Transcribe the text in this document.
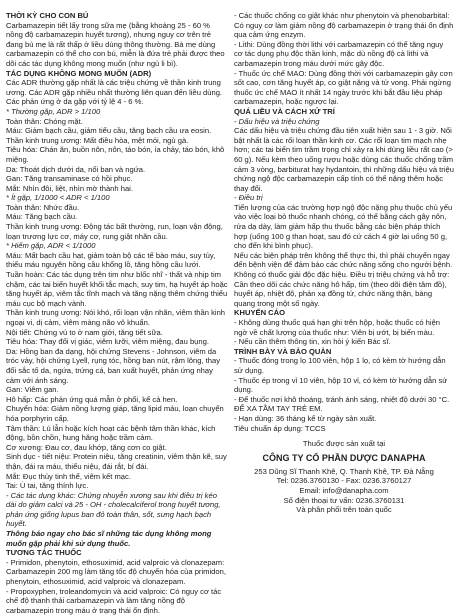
THỜI KỲ CHO CON BÚ

Carbamazepin tiết lấy trong sữa mẹ (bằng khoảng 25 - 60 % nồng độ carbamazepin huyết tương), nhưng nguy cơ trên trẻ đang bú mẹ là rất thấp ở liều dùng thông thường. Bà mẹ dùng carbamazepin có thể cho con bú, miễn là đứa trẻ phải được theo dõi các tác dụng không mong muốn (như ngủ li bì).

TÁC DỤNG KHÔNG MONG MUỐN (ADR)

Các ADR thường gặp nhất là các triệu chứng về thần kinh trung ương. Các ADR gặp nhiều nhất thường liên quan đến liều dùng.

Các phản ứng ở da gặp với tỷ lệ 4 - 6 %.

* Thường gặp, ADR > 1/100

Toàn thân: Chóng mặt.

Máu: Giảm bạch cầu, giảm tiểu cầu, tăng bạch cầu ưa eosin.

Thần kinh trung ương: Mất điều hòa, mệt mỏi, ngủ gà.

Tiêu hóa: Chán ăn, buồn nôn, nôn, táo bón, ỉa chảy, táo bón, khô miệng.

Da: Thoát dịch dưới da, nổi ban và ngứa.

Gan: Tăng transaminase có hồi phục.

Mắt: Nhìn đôi, liệt, nhìn mờ thành hai.

* Ít gặp, 1/1000 < ADR < 1/100

Toàn thân: Nhức đầu.

Máu: Tăng bạch cầu.

Thần kinh trung ương: Động tác bất thường, run, loạn vận động, loạn trương lực cơ, máy cơ, rung giật nhãn cầu.

* Hiếm gặp, ADR < 1/1000

Máu: Mất bạch cầu hạt, giảm toàn bộ các tế bào máu, suy tủy, thiếu máu nguyên hồng cầu khổng lồ, tăng hồng cầu lưới.

Tuần hoàn: Các tác dụng trên tim như blốc nhĩ - thất và nhịp tim chậm, các tai biến huyết khối tắc mạch, suy tim, hạ huyết áp hoặc tăng huyết áp, viêm tắc tĩnh mạch và tăng nặng thêm chứng thiểu máu cục bộ mạch vành.

Thần kinh trung ương: Nói khó, rối loạn vận nhãn, viêm thần kinh ngoại vi, dị cảm, viêm màng não vô khuẩn.

Nội tiết: Chứng vú to ở nam giới, tăng tiết sữa.

Tiêu hóa: Thay đổi vị giác, viêm lưỡi, viêm miệng, đau bụng.

Da: Hồng ban đa dạng, hội chứng Stevens - Johnson, viêm da tróc vảy, hội chứng Lyell, rụng tóc, hồng ban nút, rậm lông, thay đổi sắc tố da, ngứa, trứng cá, ban xuất huyết, phản ứng nhạy cảm với ánh sáng.

Gan: Viêm gan.

Hô hấp: Các phản ứng quá mẫn ở phổi, kể cả hen.

Chuyển hóa: Giảm nồng lượng giáp, tăng lipid máu, loạn chuyển hóa porphyrin cấp.

Tâm thần: Lú lẫn hoặc kích hoạt các bệnh tâm thần khác, kích động, bồn chồn, hung hăng hoặc trầm cảm.

Cơ xương: Đau cơ, đau khớp, tăng cơn co giật.

Sinh dục - tiết niệu: Protein niệu, tăng creatinin, viêm thận kẽ, suy thận, đái ra máu, thiểu niệu, đái rắt, bí đái.

Mắt: Đục thủy tinh thể, viêm kết mạc.

Tai: Ù tai, tăng thính lực.

- Các tác dụng khác: Chứng nhuyễn xương sau khi điều trị kéo dài do giảm calci và 25 - OH - cholecalciferol trong huyết tương, phản ứng giống lupus ban đỏ toàn thân, sốt, sưng hạch bạch huyết.

Thông báo ngay cho bác sĩ những tác dụng không mong muốn gặp phải khi sử dụng thuốc.

TƯƠNG TÁC THUỐC

- Primidon, phenytoin, ethosuximid, acid valproic và clonazepam: Carbamazepin 200 mg làm tăng tốc độ chuyển hóa của primidon, phenytoin, ethosuximid, acid valproic và clonazepam.

- Propoxyphen, troleandomycin và acid valproic: Có nguy cơ tác chế độ thanh thải carbamazepin và làm tăng nồng độ carbamazepin trong máu ở trạng thái ổn định.

- Các thuốc chống co giật khác như phenytoin và phenobarbital: Có nguy cơ làm giảm nồng độ carbamazepin ở trạng thái ổn định qua cảm ứng enzym.

- Lithi: Dùng đồng thời lithi với carbamazepin có thể tăng nguy cơ tác dụng phụ độc thần kinh, mặc dù nồng độ cả lithi và carbamazepin trong máu dưới mức gây độc.

- Thuốc ức chế MAO: Dùng đồng thời với carbamazepin gây cơn sốt cao, cơn tăng huyết áp, co giật nặng và tử vong. Phải ngừng thuốc ức chế MAO ít nhất 14 ngày trước khi bắt đầu liệu pháp carbamazepin, hoặc ngược lại.

QUÁ LIỀU VÀ CÁCH XỬ TRÍ

- Dấu hiệu và triệu chứng

Các dấu hiệu và triệu chứng đầu tiên xuất hiện sau 1 - 3 giờ. Nổi bật nhất là các rối loạn thần kinh cơ. Các rối loạn tim mạch nhẹ hơn; các tai biến tim trầm trọng chỉ xảy ra khi dùng liều rất cao (> 60 g). Nếu kèm theo uống rượu hoặc dùng các thuốc chống trầm cảm 3 vòng, barbiturat hay hydantoin, thì những dấu hiệu và triệu chứng ngộ độc carbamazepin cấp tính có thể nặng thêm hoặc thay đổi.

- Điều trị

Tiến lượng của các trường hợp ngộ độc nặng phụ thuộc chủ yếu vào việc loại bỏ thuốc nhanh chóng, có thể bằng cách gây nôn, rửa dạ dày, làm giảm hấp thu thuốc bằng các biện pháp thích hợp (uống 100 g than hoạt, sau đó cứ cách 4 giờ lại uống 50 g, cho đến khi bình phục).

Nếu các biện pháp trên không thể thực thi, thì phải chuyển ngay đến bệnh viện để đảm bảo các chức năng sống cho người bệnh. Không có thuốc giải độc đặc hiệu. Điều trị triệu chứng và hỗ trợ: Cần theo dõi các chức năng hô hấp, tim (theo dõi điện tâm đồ), huyết áp, nhiệt độ, phản xạ đồng tử, chức năng thận, bàng quang trong một số ngày.

KHUYẾN CÁO

- Không dùng thuốc quá hạn ghi trên hộp, hoặc thuốc có hiện ngờ về chất lượng của thuốc như: Viên bị ướt, bị biến màu.

- Nếu cần thêm thông tin, xin hỏi ý kiến Bác sĩ.

TRÌNH BÀY VÀ BẢO QUẢN

- Thuốc đóng trong lọ 100 viên, hộp 1 lọ, có kèm tờ hướng dẫn sử dụng.

- Thuốc ép trong vỉ 10 viên, hộp 10 vỉ, có kèm tờ hướng dẫn sử dụng.

- Để thuốc nơi khô thoáng, tránh ánh sáng, nhiệt độ dưới 30 °C.

ĐỂ XA TẦM TAY TRẺ EM.

- Hạn dùng: 36 tháng kể từ ngày sản xuất.

Tiêu chuẩn áp dụng: TCCS

Thuốc được sản xuất tại

CÔNG TY CỔ PHẦN DƯỢC DANAPHA

253 Dũng Sĩ Thanh Khê, Q. Thanh Khê, TP. Đà Nẵng

Tel: 0236.3760130 - Fax: 0236.3760127

Email: info@danapha.com

Số điện thoại tư vấn: 0236.3760131

Và phân phối trên toàn quốc
